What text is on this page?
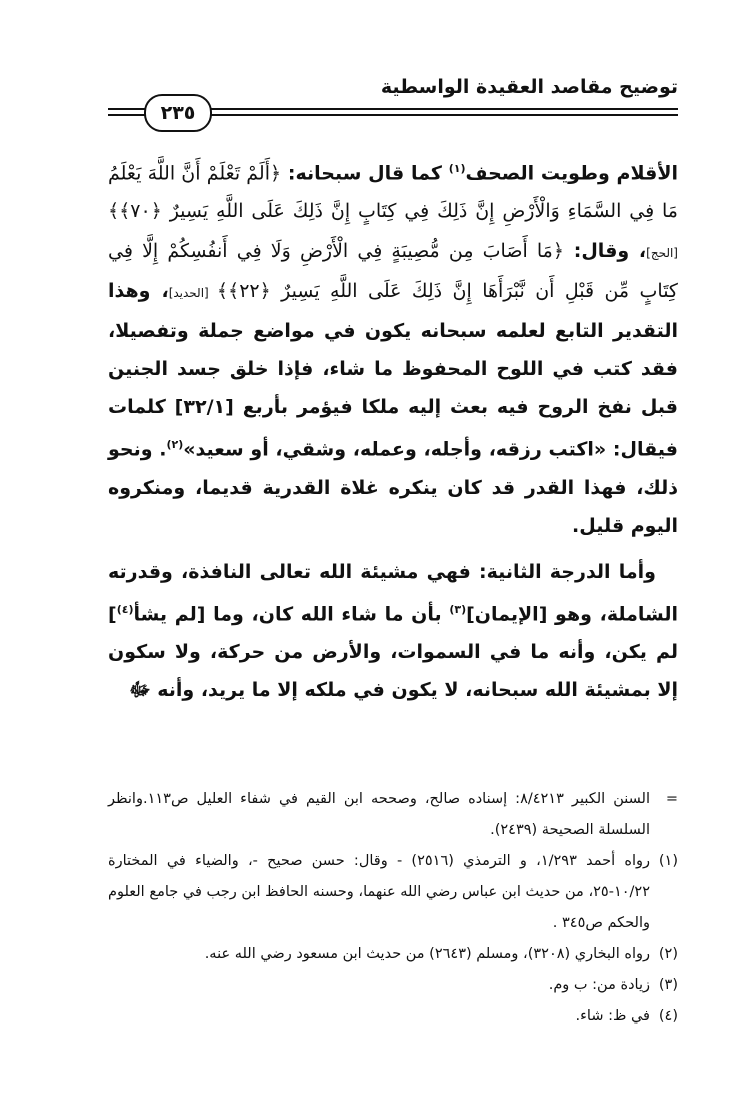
توضيح مقاصد العقيدة الواسطية
٢٣٥

الأقلام وطويت الصحف$^{(١)}$ كما قال سبحانه: ﴿أَلَمْ تَعْلَمْ أَنَّ اللَّهَ يَعْلَمُ مَا فِي السَّمَاءِ وَالْأَرْضِ إِنَّ ذَلِكَ فِي كِتَابٍ إِنَّ ذَلِكَ عَلَى اللَّهِ يَسِيرٌ ﴿٧٠﴾﴾ [الحج]، وقال: ﴿مَا أَصَابَ مِن مُّصِيبَةٍ فِي الْأَرْضِ وَلَا فِي أَنفُسِكُمْ إِلَّا فِي كِتَابٍ مِّن قَبْلِ أَن نَّبْرَأَهَا إِنَّ ذَلِكَ عَلَى اللَّهِ يَسِيرٌ ﴿٢٢﴾﴾ [الحديد]، وهذا التقدير التابع لعلمه سبحانه يكون في مواضع جملة وتفصيلا، فقد كتب في اللوح المحفوظ ما شاء، فإذا خلق جسد الجنين قبل نفخ الروح فيه بعث إليه ملكا فيؤمر بأربع [٣٢/١] كلمات فيقال: «اكتب رزقه، وأجله، وعمله، وشقي، أو سعيد»$^{(٢)}$. ونحو ذلك، فهذا القدر قد كان ينكره غلاة القدرية قديما، ومنكروه اليوم قليل.

وأما الدرجة الثانية: فهي مشيئة الله تعالى النافذة، وقدرته الشاملة، وهو [الإيمان]$^{(٣)}$ بأن ما شاء الله كان، وما [لم يشأ$^{(٤)}$] لم يكن، وأنه ما في السموات، والأرض من حركة، ولا سكون إلا بمشيئة الله سبحانه، لا يكون في ملكه إلا ما يريد، وأنه ﷻ

=
السنن الكبير ٨/٤٢١٣: إسناده صالح، وصححه ابن القيم في شفاء العليل ص١١٣.وانظر السلسلة الصحيحة (٢٤٣٩).
(١)
رواه أحمد ١/٢٩٣، و الترمذي (٢٥١٦) - وقال: حسن صحيح -، والضياء في المختارة ١٠/٢٢-٢٥، من حديث ابن عباس رضي الله عنهما، وحسنه الحافظ ابن رجب في جامع العلوم والحكم ص٣٤٥ .
(٢)
رواه البخاري (٣٢٠٨)، ومسلم (٢٦٤٣) من حديث ابن مسعود رضي الله عنه.
(٣)
زيادة من: ب وم.
(٤)
في ظ: شاء.
